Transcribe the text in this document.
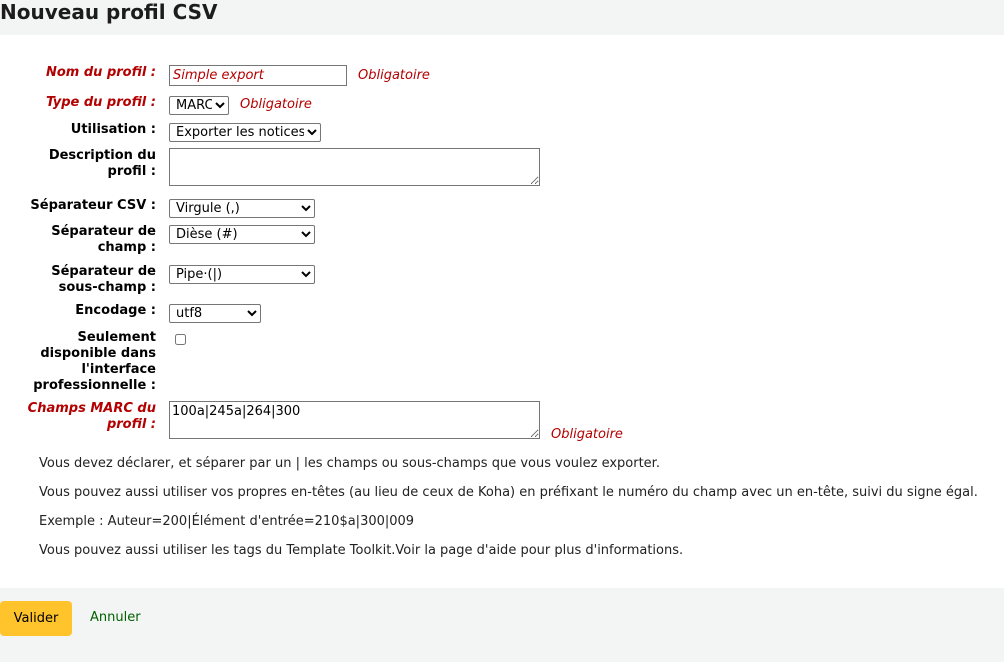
Nouveau profil CSV
Nom du profil :
Simple export	Obligatoire
Type du profil :
MARC	Obligatoire
Utilisation :
Exporter les notices
Description du
profil :
Séparateur CSV :
Virgule (,)
Séparateur de
champ :
Dièse (#)
Séparateur de
sous-champ :
Pipe·(|)
Encodage :
utf8
Seulement
disponible dans
l'interface
professionnelle :
Champs MARC du
profil :
100a|245a|264|300
Obligatoire
Vous devez déclarer, et séparer par un | les champs ou sous-champs que vous voulez exporter.
Vous pouvez aussi utiliser vos propres en-têtes (au lieu de ceux de Koha) en préfixant le numéro du champ avec un en-tête, suivi du signe égal.
Exemple : Auteur=200|Élément d'entrée=210$a|300|009
Vous pouvez aussi utiliser les tags du Template Toolkit.Voir la page d'aide pour plus d'informations.
Valider	Annuler
